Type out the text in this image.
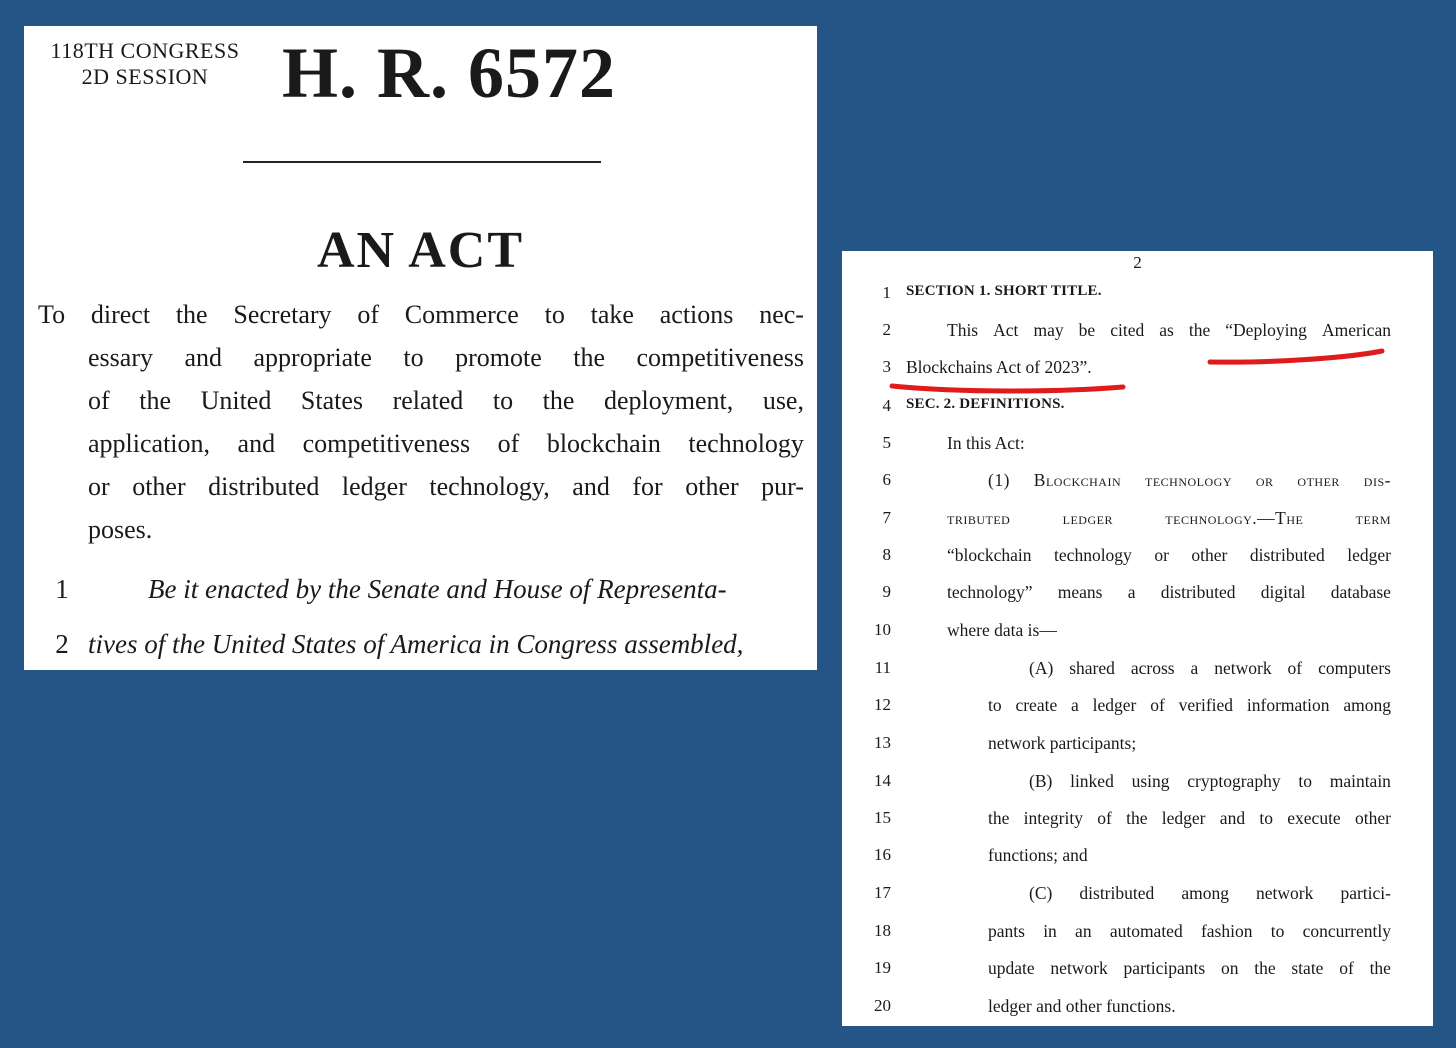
118TH CONGRESS
2D SESSION	H. R. 6572
AN ACT
To direct the Secretary of Commerce to take actions nec-
essary and appropriate to promote the competitiveness
of the United States related to the deployment, use,
application, and competitiveness of blockchain technology
or other distributed ledger technology, and for other pur-
poses.
1	Be it enacted by the Senate and House of Representa-
2 tives of the United States of America in Congress assembled,
2
1 SECTION 1. SHORT TITLE.
2	This Act may be cited as the “Deploying American
3 Blockchains Act of 2023”.
4 SEC. 2. DEFINITIONS.
5	In this Act:
6	(1) Blockchain technology or other dis-
7	tributed	ledger	technology.—The	term
8	“blockchain technology or other distributed ledger
9	technology” means a distributed digital database
10	where data is—
11	(A) shared across a network of computers
12	to create a ledger of verified information among
13	network participants;
14	(B) linked using cryptography to maintain
15	the integrity of the ledger and to execute other
16	functions; and
17	(C) distributed among network partici-
18	pants in an automated fashion to concurrently
19	update network participants on the state of the
20	ledger and other functions.
